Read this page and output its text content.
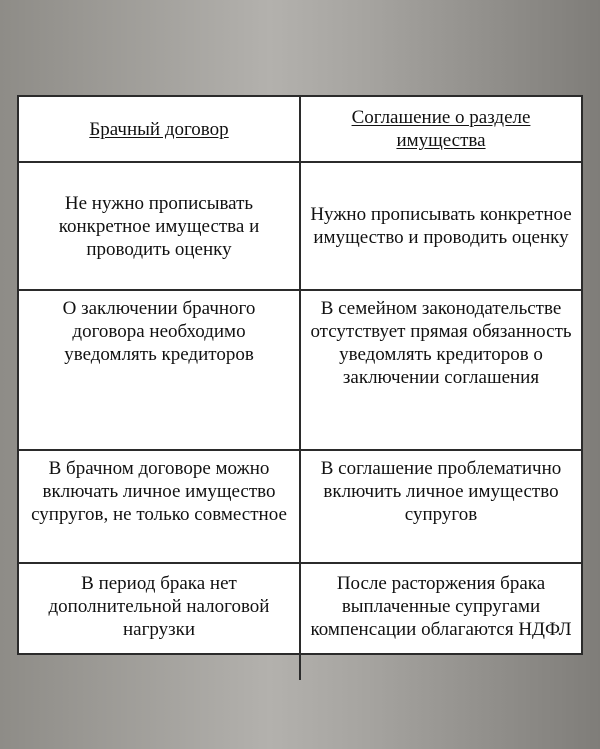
Брачный договор	Соглашение о разделе имущества
Не нужно прописывать конкретное имущества и проводить оценку	Нужно прописывать конкретное имущество и проводить оценку
О заключении брачного договора необходимо уведомлять кредиторов	В семейном законодательстве отсутствует прямая обязанность уведомлять кредиторов о заключении соглашения
В брачном договоре можно включать личное имущество супругов, не только совместное	В соглашение проблематично включить личное имущество супругов
В период брака нет дополнительной налоговой нагрузки	После расторжения брака выплаченные супругами компенсации облагаются НДФЛ
